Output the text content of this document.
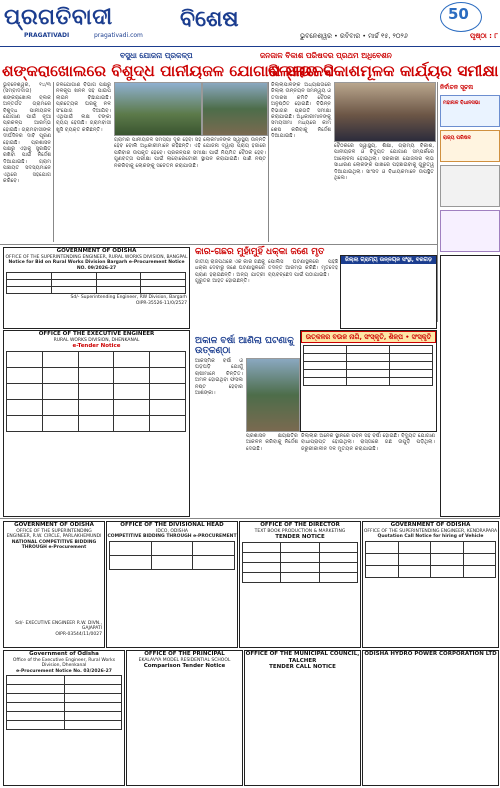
ପ୍ରଗତିବାଦୀ
PRAGATIVADI	pragativadi.com
ବିଶେଷ	50
ଭୁବନେଶ୍ୱର • ରବିବାର • ମାର୍ଚ୍ଚ ୧୫, ୨୦୨୬	ପୃଷ୍ଠା : ୮
ବସୁଧା ଯୋଜନା ପ୍ରକଳ୍ପ	ଜନଜାଳ ବିକାଶ ପରିଷଦର ପ୍ରଥମ ଅଧିବେଶନ
ଶଙ୍କରାଖୋଲରେ ବିଶୁଦ୍ଧ ପାନୀୟଜଳ ଯୋଗାଣ ସାଉଳସ
ଜିଲ୍ଲାର ବିକାଶମୂଳକ କାର୍ଯ୍ୟର ସମୀକ୍ଷା
ଭୁବନେଶ୍ୱର, ୧୪/୩ (ସମ୍ବାଦଦାତା) ଶଙ୍କରାଖୋଲ ବ୍ଲକ ଅନ୍ତର୍ଗତ ଗ୍ରାମରେ ବିଶୁଦ୍ଧ ପାନୀୟଜଳ ଯୋଗାଣ ପାଇଁ ନୂଆ ପ୍ରକଳ୍ପ ଆରମ୍ଭ ହୋଇଛି। ଗ୍ରାମବାସୀଙ୍କ ଦୀର୍ଘଦିନର ଦାବି ପୂରଣ ହୋଇଛି। ପ୍ରଶାସନ ପକ୍ଷରୁ ଏହାକୁ ସୁରକ୍ଷିତ ରଖିବା ପାଇଁ ନିର୍ଦ୍ଦେଶ ଦିଆଯାଇଛି। ଗ୍ରାମ ପଞ୍ଚାୟତ ସଦସ୍ୟମାନେ ଏଥିରେ ସହଯୋଗ କରିବେ।
ଜଳଯୋଗାଣ ବିଭାଗ ପକ୍ଷରୁ ନଳକୂପ ଖନନ ସହ ପାଇପ ଲାଇନ ବିଛାଯାଇଛି। ପ୍ରତ୍ୟେକ ଘରକୁ ନଳ ସଂଯୋଗ ଦିଆଯିବ। ଏଥିପାଇଁ ଲକ୍ଷ ଟଙ୍କା ବ୍ୟୟ ହେଉଛି। ଗ୍ରାମବାସୀ ଖୁସି ବ୍ୟକ୍ତ କରିଛନ୍ତି।
ଗ୍ରାମର ପାନୀୟଜଳ ସମସ୍ୟା ଦୂର ହେବା ସହ ଲୋକମାନଙ୍କ ସ୍ୱାସ୍ଥ୍ୟ ଉନ୍ନତି ହେବ ବୋଲି ଅଧିକାରୀମାନେ କହିଛନ୍ତି। ଏହି ଯୋଜନା ଦ୍ୱାରା ପ୍ରାୟ ହଜାରେ ପରିବାର ଉପକୃତ ହେବେ। ପ୍ରକଳ୍ପର ସମୀକ୍ଷା ପାଇଁ ନିୟମିତ ବୈଠକ ହେବ। ଗୁଣବତ୍ତା ପରୀକ୍ଷା ପାଇଁ ଲାବୋରେଟୋରୀ ସ୍ଥାପନ କରାଯାଇଛି। ପାଣି ନଷ୍ଟ ନକରିବାକୁ ଲୋକଙ୍କୁ ସଚେତନ କରାଯାଉଛି।
ଜିଲ୍ଲାପାଳଙ୍କ ଅଧ୍ୟକ୍ଷତାରେ ଜିଲ୍ଲା ଉନ୍ନୟନ ସମନ୍ୱୟ ଓ ତଦାରଖ କମିଟି ବୈଠକ ଅନୁଷ୍ଠିତ ହୋଇଛି। ବିଭିନ୍ନ ବିଭାଗର ପ୍ରଗତି ସମୀକ୍ଷା କରାଯାଇଛି। ଅଧିକାରୀମାନଙ୍କୁ ସମୟସୀମା ମଧ୍ୟରେ କାମ ଶେଷ କରିବାକୁ ନିର୍ଦ୍ଦେଶ ଦିଆଯାଇଛି।
ବୈଠକରେ ସ୍ୱାସ୍ଥ୍ୟ, ଶିକ୍ଷା, ଗ୍ରାମ୍ୟ ବିକାଶ, ପାନୀୟଜଳ ଓ ବିଦ୍ୟୁତ ଯୋଗାଣ ସମ୍ପର୍କରେ ଆଲୋଚନା ହୋଇଥିଲା। ସରକାରୀ ଯୋଜନାର ଲାଭ ସାଧାରଣ ଲୋକଙ୍କ ପାଖରେ ପହଞ୍ଚାଇବାକୁ ଗୁରୁତ୍ୱ ଦିଆଯାଇଥିଲା। ସାଂସଦ ଓ ବିଧାୟକମାନେ ଉପସ୍ଥିତ ଥିଲେ।
ନିର୍ବାଚନ ସୂଚନା
ମହାନାଳ ବିଧାନସଭା
ରାଜ୍ୟ ପରିଷଦ
GOVERNMENT OF ODISHA
OFFICE OF THE SUPERINTENDING ENGINEER, RURAL WORKS DIVISION, BANGPAL
Notice for Bid on Rural Works Division Bargarh e-Procurement Notice NO. 09/2026-27

Sd/- Superintending Engineer, RW Division, Bargarh
OIPR-35526-11/0/2527
କାର-ଗଛର ମୁହାଁମୁହିଁ ଧକ୍କା ଜଣେ ମୃତ
ଜାତୀୟ ରାଜପଥରେ ଏକ କାର ଗଛକୁ ଧକ୍କା ଦେବାରୁ ଜଣେ ଘଟଣାସ୍ଥଳରେ ପ୍ରାଣ ହରାଇଛନ୍ତି। ଅନ୍ୟ ଯାତ୍ରୀ ଗୁରୁତର ଆହତ ହୋଇଛନ୍ତି।
ପୋଲିସ ଘଟଣାସ୍ଥଳରେ ପହଞ୍ଚି ତଦନ୍ତ ଆରମ୍ଭ କରିଛି। ମୃତଦେହ ବ୍ୟବଚ୍ଛେଦ ପାଇଁ ପଠାଯାଇଛି।
ଜିଲ୍ଲା ଗ୍ରାମ୍ୟ ଉନ୍ନୟନ ସଂସ୍ଥା, ବରଗଡ଼
ଉତ୍କଳର ବଉଳ ନାଗି, ସଂସ୍କୃତି, ଶିଳ୍ପ • ସଂସ୍କୃତି

OFFICE OF THE EXECUTIVE ENGINEER
RURAL WORKS DIVISION, DHENKANAL
e-Tender Notice

ଅକାଳ ବର୍ଷା ଆଣିଲା ଘଟଣାକୁ ଉତ୍କଣ୍ଠା
ଆକସ୍ମିକ ବର୍ଷା ଓ ଘଡ଼ଘଡ଼ି ଯୋଗୁଁ ଚାଷୀମାନେ ଚିନ୍ତିତ। ଅମଳ ହୋଇଥିବା ଫସଲ ନଷ୍ଟ ହେବାର ଆଶଙ୍କା।
ପ୍ରଶାସନ କ୍ଷୟକ୍ଷତିର ଆକଳନ କରିବାକୁ ନିର୍ଦ୍ଦେଶ ଦେଇଛି।
ଜିଲ୍ଲାର ଅନେକ ସ୍ଥାନରେ ପବନ ସହ ବର୍ଷା ହୋଇଛି। ବିଦ୍ୟୁତ ଯୋଗାଣ ବାଧାପ୍ରାପ୍ତ ହୋଇଥିଲା। ରାସ୍ତାରେ ଗଛ ଉପୁଡ଼ି ପଡ଼ିଥିଲା। ଜରୁରୀକାଳୀନ ଦଳ ମୁତୟନ କରାଯାଇଛି।
GOVERNMENT OF ODISHA
OFFICE OF THE SUPERINTENDING ENGINEER, R.W. CIRCLE, PARLAKHEMUNDI
NATIONAL COMPETITIVE BIDDING THROUGH e-Procurement
Sd/- EXECUTIVE ENGINEER R.W. DIVN., GAJAPATI
OIPR-03544/11/0027
OFFICE OF THE DIVISIONAL HEAD
IDCO, ODISHA
COMPETITIVE BIDDING THROUGH e-PROCUREMENT

OFFICE OF THE DIRECTOR
TEXT BOOK PRODUCTION & MARKETING
TENDER NOTICE

GOVERNMENT OF ODISHA
OFFICE OF THE SUPERINTENDING ENGINEER, KENDRAPARA
Quotation Call Notice for hiring of Vehicle

Government of Odisha
Office of the Executive Engineer, Rural Works Division, Dhenkanal
e-Procurement Notice No. 03/2026-27

OFFICE OF THE PRINCIPAL
EKALAVYA MODEL RESIDENTIAL SCHOOL
Comparison Tender Notice
OFFICE OF THE MUNICIPAL COUNCIL, TALCHER
TENDER CALL NOTICE
ODISHA HYDRO POWER CORPORATION LTD
